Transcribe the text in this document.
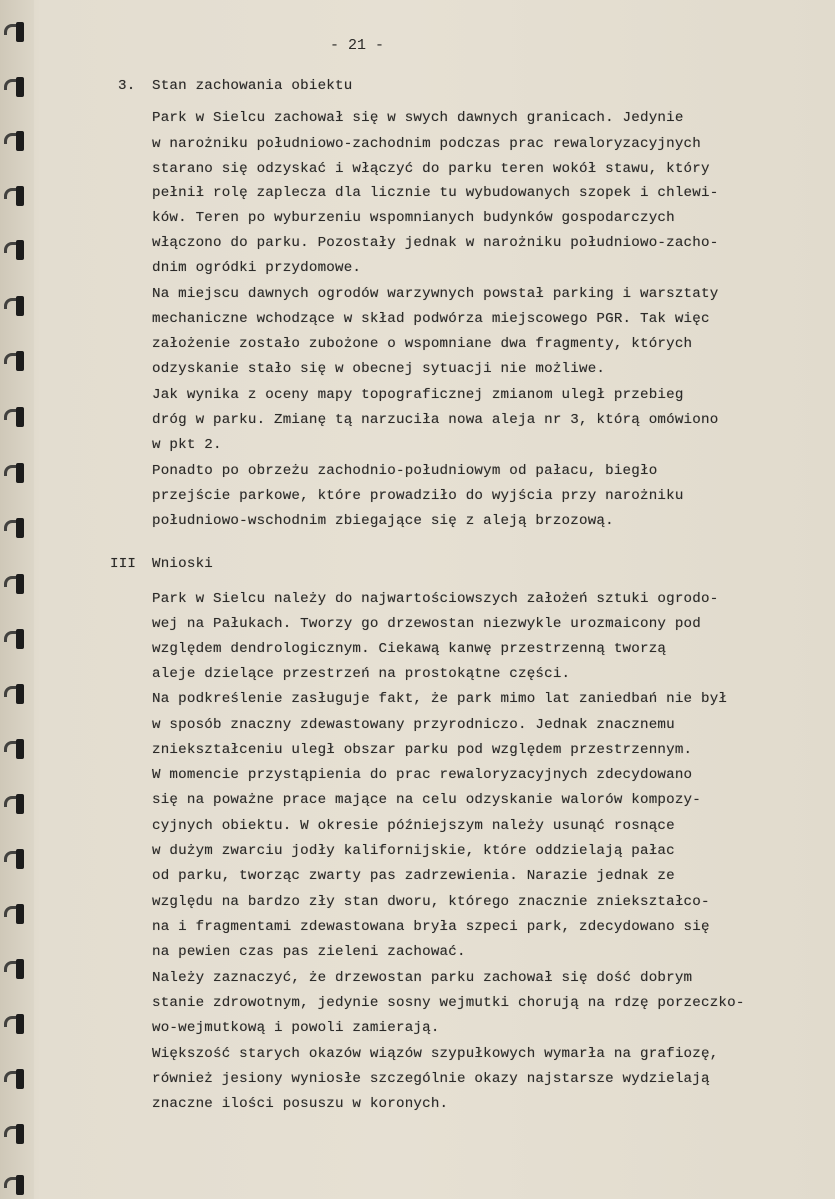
- 21 -
3. Stan zachowania obiektu
Park w Sielcu zachował się w swych dawnych granicach. Jedynie
w narożniku południowo-zachodnim podczas prac rewaloryzacyjnych
starano się odzyskać i włączyć do parku teren wokół stawu, który
pełnił rolę zaplecza dla licznie tu wybudowanych szopek i chlewi-
ków. Teren po wyburzeniu wspomnianych budynków gospodarczych
włączono do parku. Pozostały jednak w narożniku południowo-zacho-
dnim ogródki przydomowe.
Na miejscu dawnych ogrodów warzywnych powstał parking i warsztaty
mechaniczne wchodzące w skład podwórza miejscowego PGR. Tak więc
założenie zostało zubożone o wspomniane dwa fragmenty, których
odzyskanie stało się w obecnej sytuacji nie możliwe.
Jak wynika z oceny mapy topograficznej zmianom uległ przebieg
dróg w parku. Zmianę tą narzuciła nowa aleja nr 3, którą omówiono
w pkt 2.
Ponadto po obrzeżu zachodnio-południowym od pałacu, biegło
przejście parkowe, które prowadziło do wyjścia przy narożniku
południowo-wschodnim zbiegające się z aleją brzozową.
III Wnioski
Park w Sielcu należy do najwartościowszych założeń sztuki ogrodo-
wej na Pałukach. Tworzy go drzewostan niezwykle urozmaicony pod
względem dendrologicznym. Ciekawą kanwę przestrzenną tworzą
aleje dzielące przestrzeń na prostokątne części.
Na podkreślenie zasługuje fakt, że park mimo lat zaniedbań nie był
w sposób znaczny zdewastowany przyrodniczo. Jednak znacznemu
zniekształceniu uległ obszar parku pod względem przestrzennym.
W momencie przystąpienia do prac rewaloryzacyjnych zdecydowano
się na poważne prace mające na celu odzyskanie walorów kompozy-
cyjnych obiektu. W okresie późniejszym należy usunąć rosnące
w dużym zwarciu jodły kalifornijskie, które oddzielają pałac
od parku, tworząc zwarty pas zadrzewienia. Narazie jednak ze
względu na bardzo zły stan dworu, którego znacznie zniekształco-
na i fragmentami zdewastowana bryła szpeci park, zdecydowano się
na pewien czas pas zieleni zachować.
Należy zaznaczyć, że drzewostan parku zachował się dość dobrym
stanie zdrowotnym, jedynie sosny wejmutki chorują na rdzę porzeczko-
wo-wejmutkową i powoli zamierają.
Większość starych okazów wiązów szypułkowych wymarła na grafiozę,
również jesiony wyniosłe szczególnie okazy najstarsze wydzielają
znaczne ilości posuszu w koronych.
